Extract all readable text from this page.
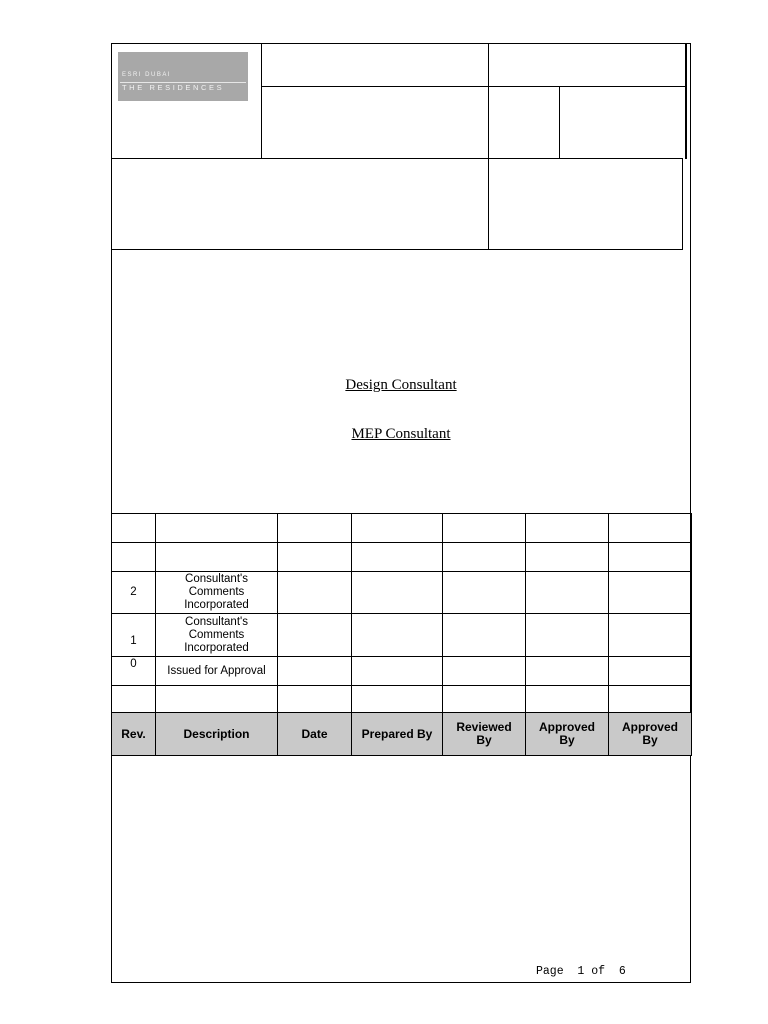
ESRI DUBAI
THE RESIDENCES
Design Consultant
MEP Consultant

2	Consultant's Comments Incorporated					
1	Consultant's Comments Incorporated					
0	Issued for Approval					

Rev.	Description	Date	Prepared By	Reviewed By	Approved By	Approved By
Page  1 of  6
